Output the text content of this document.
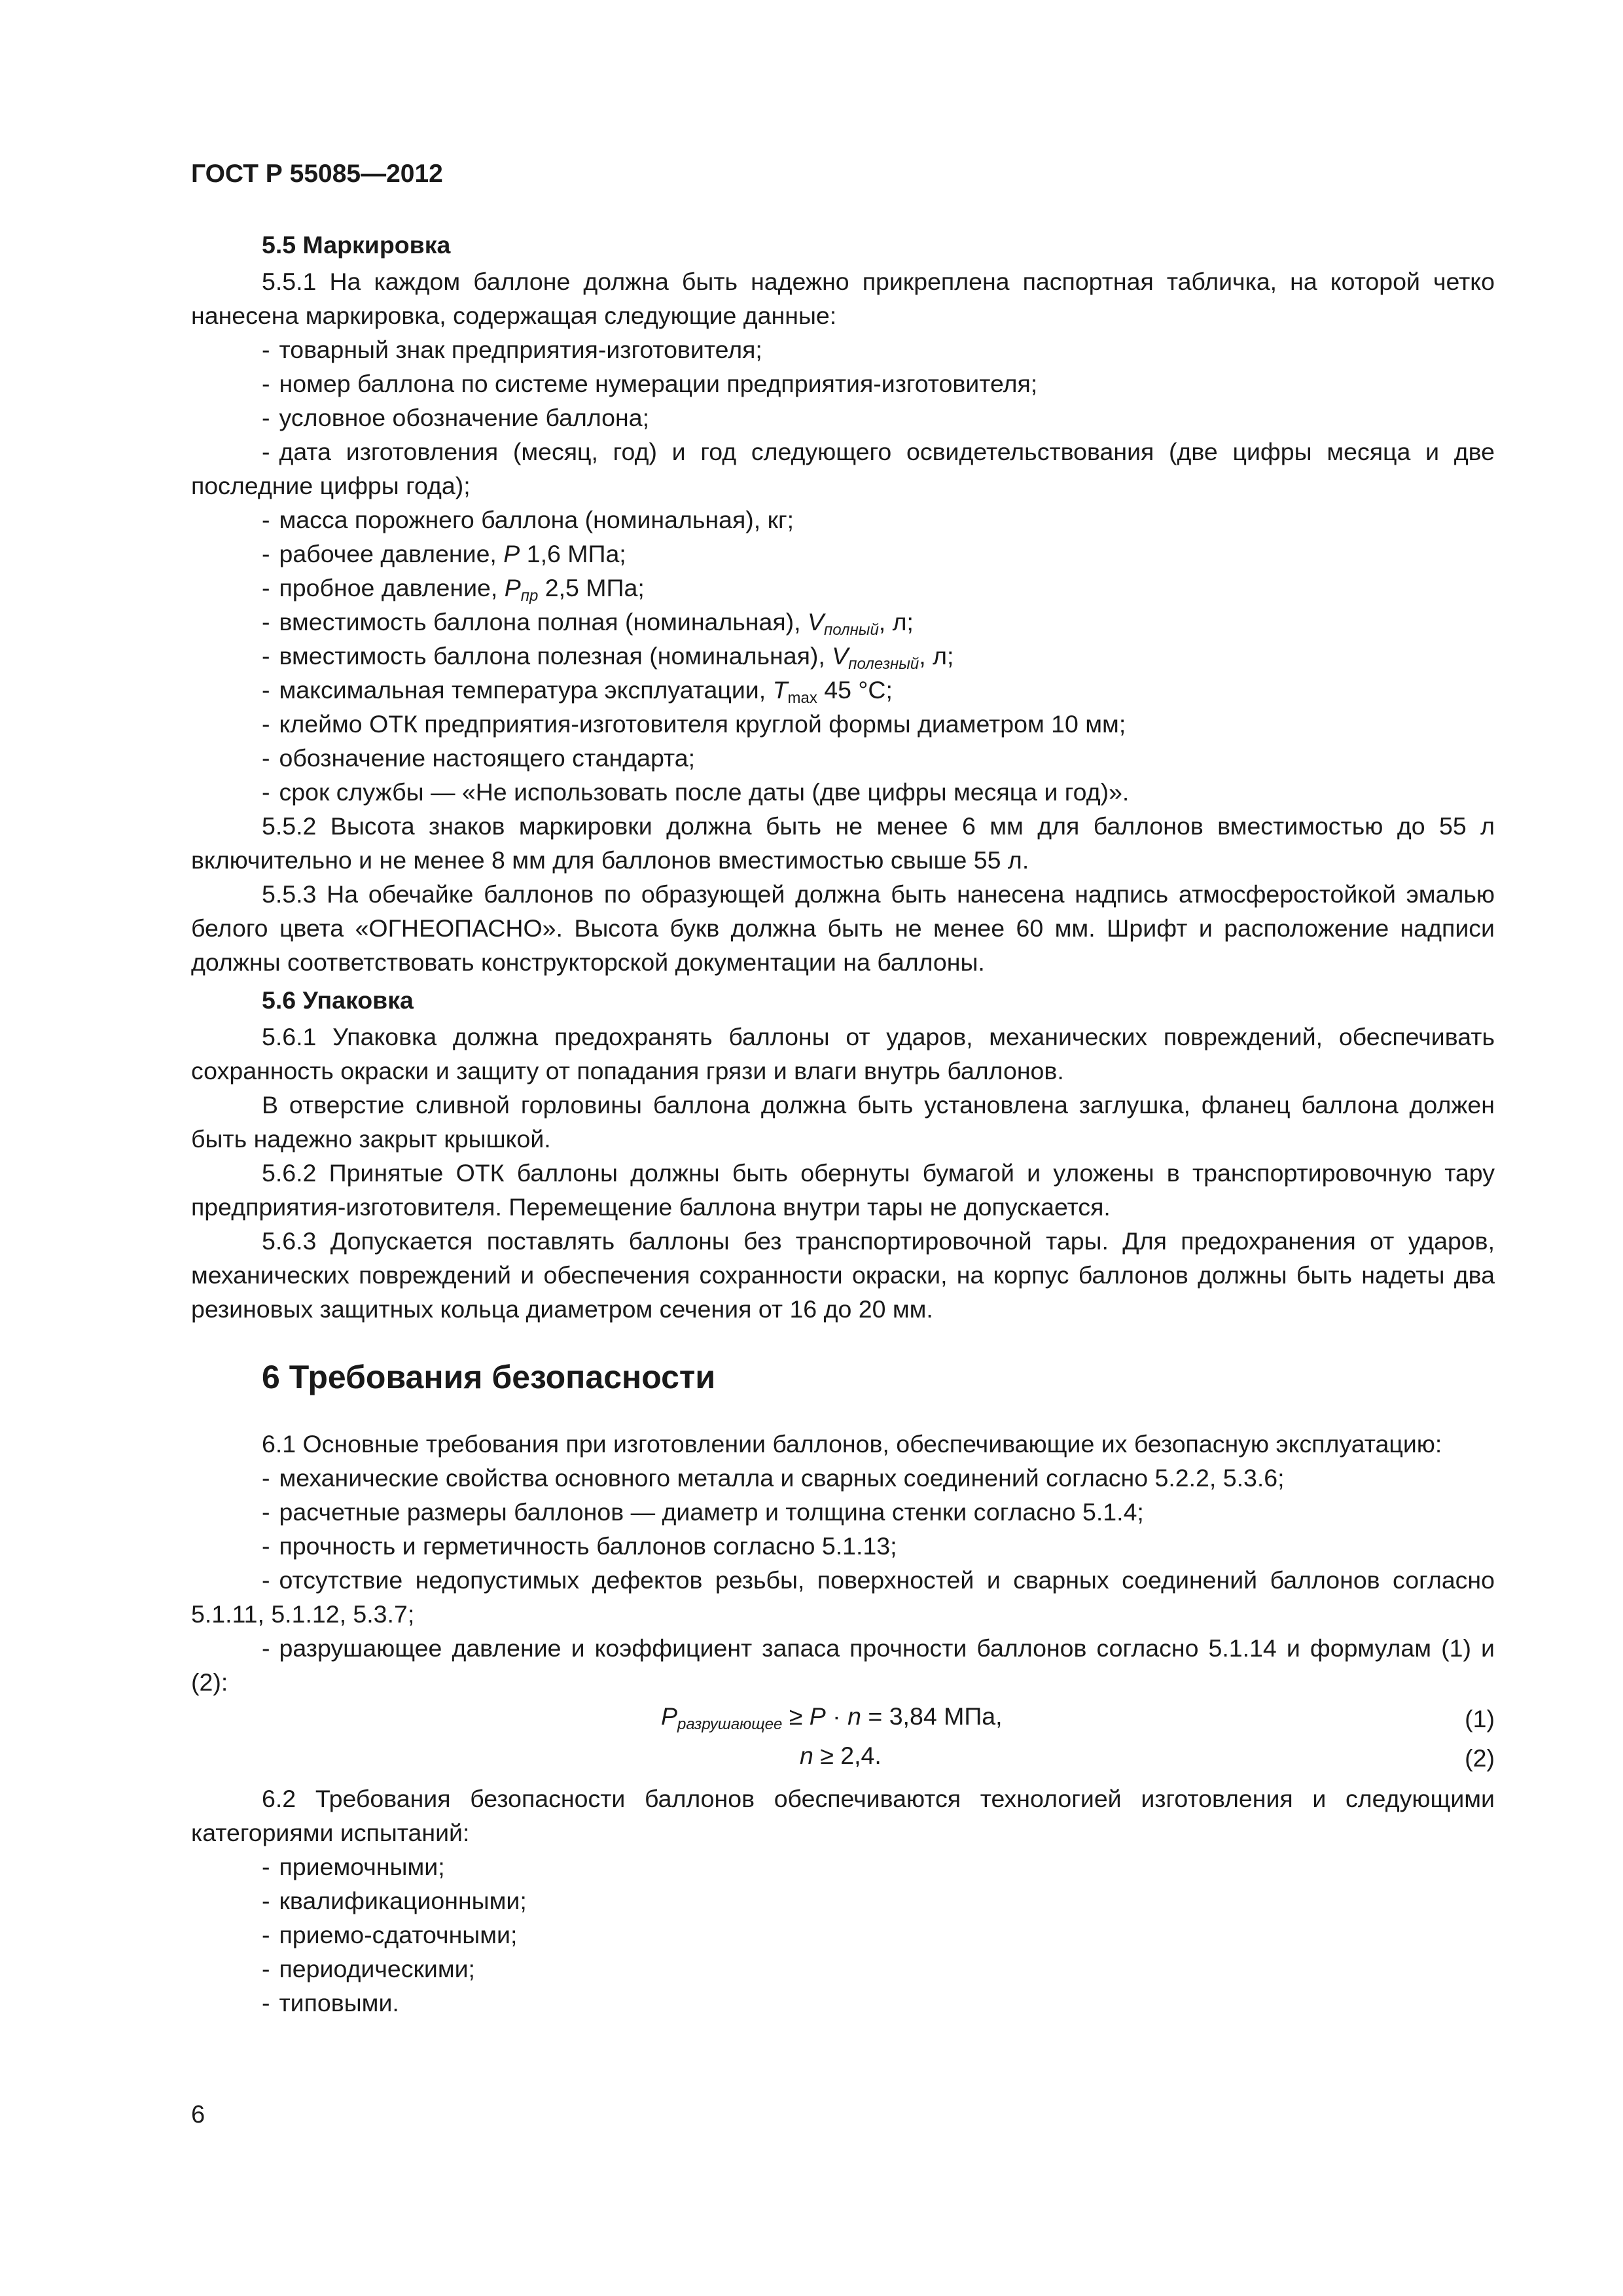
ГОСТ Р 55085—2012
5.5 Маркировка

5.5.1 На каждом баллоне должна быть надежно прикреплена паспортная табличка, на которой четко нанесена маркировка, содержащая следующие данные:

- товарный знак предприятия-изготовителя;
- номер баллона по системе нумерации предприятия-изготовителя;
- условное обозначение баллона;
- дата изготовления (месяц, год) и год следующего освидетельствования (две цифры месяца и две последние цифры года);
- масса порожнего баллона (номинальная), кг;
- рабочее давление, P 1,6 МПа;
- пробное давление, $P_{пр}$ 2,5 МПа;
- вместимость баллона полная (номинальная), $V_{полный}$, л;
- вместимость баллона полезная (номинальная), $V_{полезный}$, л;
- максимальная температура эксплуатации, $T_{max}$ 45 °C;
- клеймо ОТК предприятия-изготовителя круглой формы диаметром 10 мм;
- обозначение настоящего стандарта;
- срок службы — «Не использовать после даты (две цифры месяца и год)».

5.5.2 Высота знаков маркировки должна быть не менее 6 мм для баллонов вместимостью до 55 л включительно и не менее 8 мм для баллонов вместимостью свыше 55 л.

5.5.3 На обечайке баллонов по образующей должна быть нанесена надпись атмосферостойкой эмалью белого цвета «ОГНЕОПАСНО». Высота букв должна быть не менее 60 мм. Шрифт и расположение надписи должны соответствовать конструкторской документации на баллоны.

5.6 Упаковка

5.6.1 Упаковка должна предохранять баллоны от ударов, механических повреждений, обеспечивать сохранность окраски и защиту от попадания грязи и влаги внутрь баллонов.

В отверстие сливной горловины баллона должна быть установлена заглушка, фланец баллона должен быть надежно закрыт крышкой.

5.6.2 Принятые ОТК баллоны должны быть обернуты бумагой и уложены в транспортировочную тару предприятия-изготовителя. Перемещение баллона внутри тары не допускается.

5.6.3 Допускается поставлять баллоны без транспортировочной тары. Для предохранения от ударов, механических повреждений и обеспечения сохранности окраски, на корпус баллонов должны быть надеты два резиновых защитных кольца диаметром сечения от 16 до 20 мм.

6 Требования безопасности

6.1 Основные требования при изготовлении баллонов, обеспечивающие их безопасную эксплуатацию:

- механические свойства основного металла и сварных соединений согласно 5.2.2, 5.3.6;
- расчетные размеры баллонов — диаметр и толщина стенки согласно 5.1.4;
- прочность и герметичность баллонов согласно 5.1.13;
- отсутствие недопустимых дефектов резьбы, поверхностей и сварных соединений баллонов согласно 5.1.11, 5.1.12, 5.3.7;
- разрушающее давление и коэффициент запаса прочности баллонов согласно 5.1.14 и формулам (1) и (2):
$P_{разрушающее} \ge P \cdot n = 3,84$ МПа,	(1)
n ≥ 2,4.	(2)

6.2 Требования безопасности баллонов обеспечиваются технологией изготовления и следующими категориями испытаний:

- приемочными;
- квалификационными;
- приемо-сдаточными;
- периодическими;
- типовыми.
6
